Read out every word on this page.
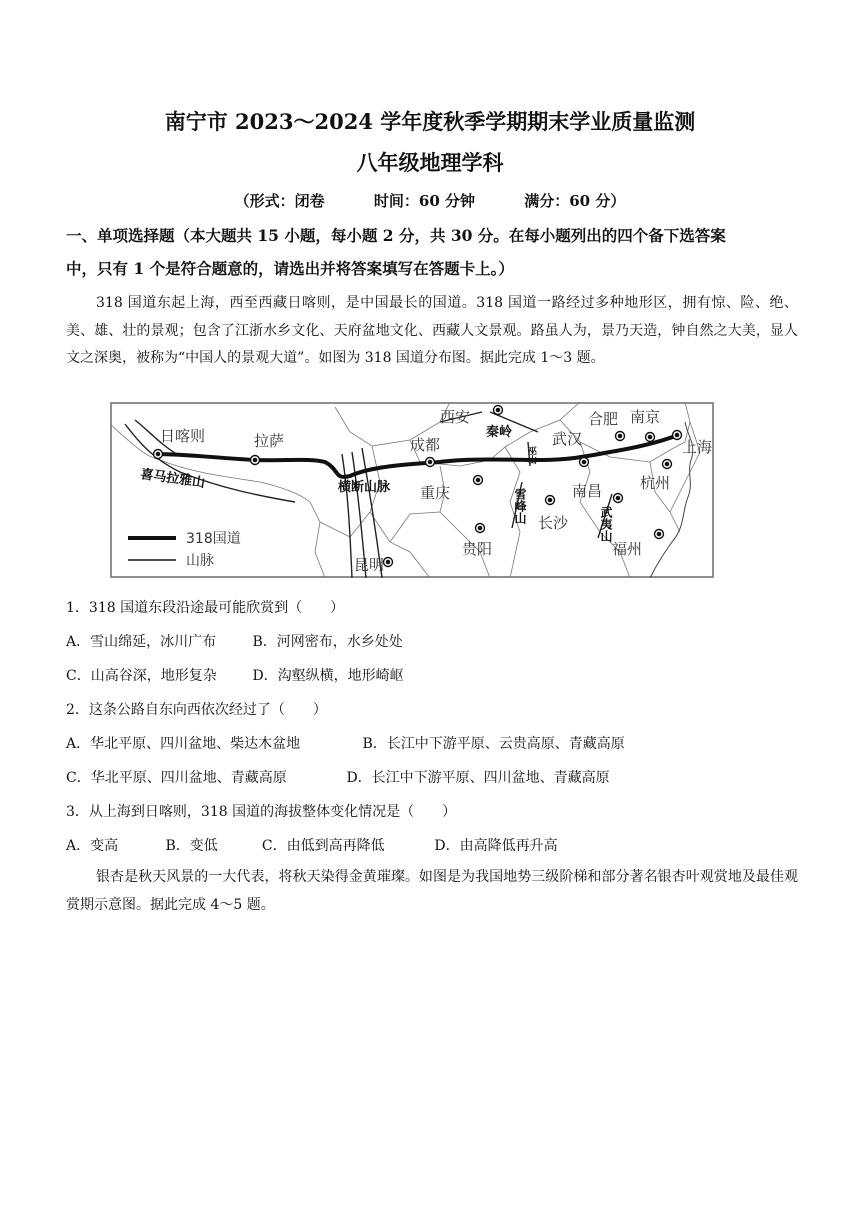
南宁市 2023～2024 学年度秋季学期期末学业质量监测
八年级地理学科
（形式：闭卷	时间：60 分钟	满分：60 分）
一、单项选择题（本大题共 15 小题，每小题 2 分，共 30 分。在每小题列出的四个备下选答案
中，只有 1 个是符合题意的，请选出并将答案填写在答题卡上。）
318 国道东起上海，西至西藏日喀则，是中国最长的国道。318 国道一路经过多种地形区，拥有惊、险、绝、美、雄、壮的景观；包含了江浙水乡文化、天府盆地文化、西藏人文景观。路虽人为，景乃天造，钟自然之大美，显人文之深奥，被称为“中国人的景观大道”。如图为 318 国道分布图。据此完成 1～3 题。
日喀则	拉萨	成都
西安
武汉
合肥 南京
上海
重庆	南昌	杭州
长沙
贵阳	福州
昆明
秦岭
喜马拉雅山	横断山脉
巫山
雪峰山	武夷山
318国道
山脉
1．318 国道东段沿途最可能欣赏到（　　）
A．雪山绵延，冰川广布	B．河网密布，水乡处处
C．山高谷深，地形复杂	D．沟壑纵横，地形崎岖
2．这条公路自东向西依次经过了（　　）
A．华北平原、四川盆地、柴达木盆地	B．长江中下游平原、云贵高原、青藏高原
C．华北平原、四川盆地、青藏高原	D．长江中下游平原、四川盆地、青藏高原
3．从上海到日喀则，318 国道的海拔整体变化情况是（　　）
A．变高	B．变低	C．由低到高再降低	D．由高降低再升高
银杏是秋天风景的一大代表，将秋天染得金黄璀璨。如图是为我国地势三级阶梯和部分著名银杏叶观赏地及最佳观赏期示意图。据此完成 4～5 题。
